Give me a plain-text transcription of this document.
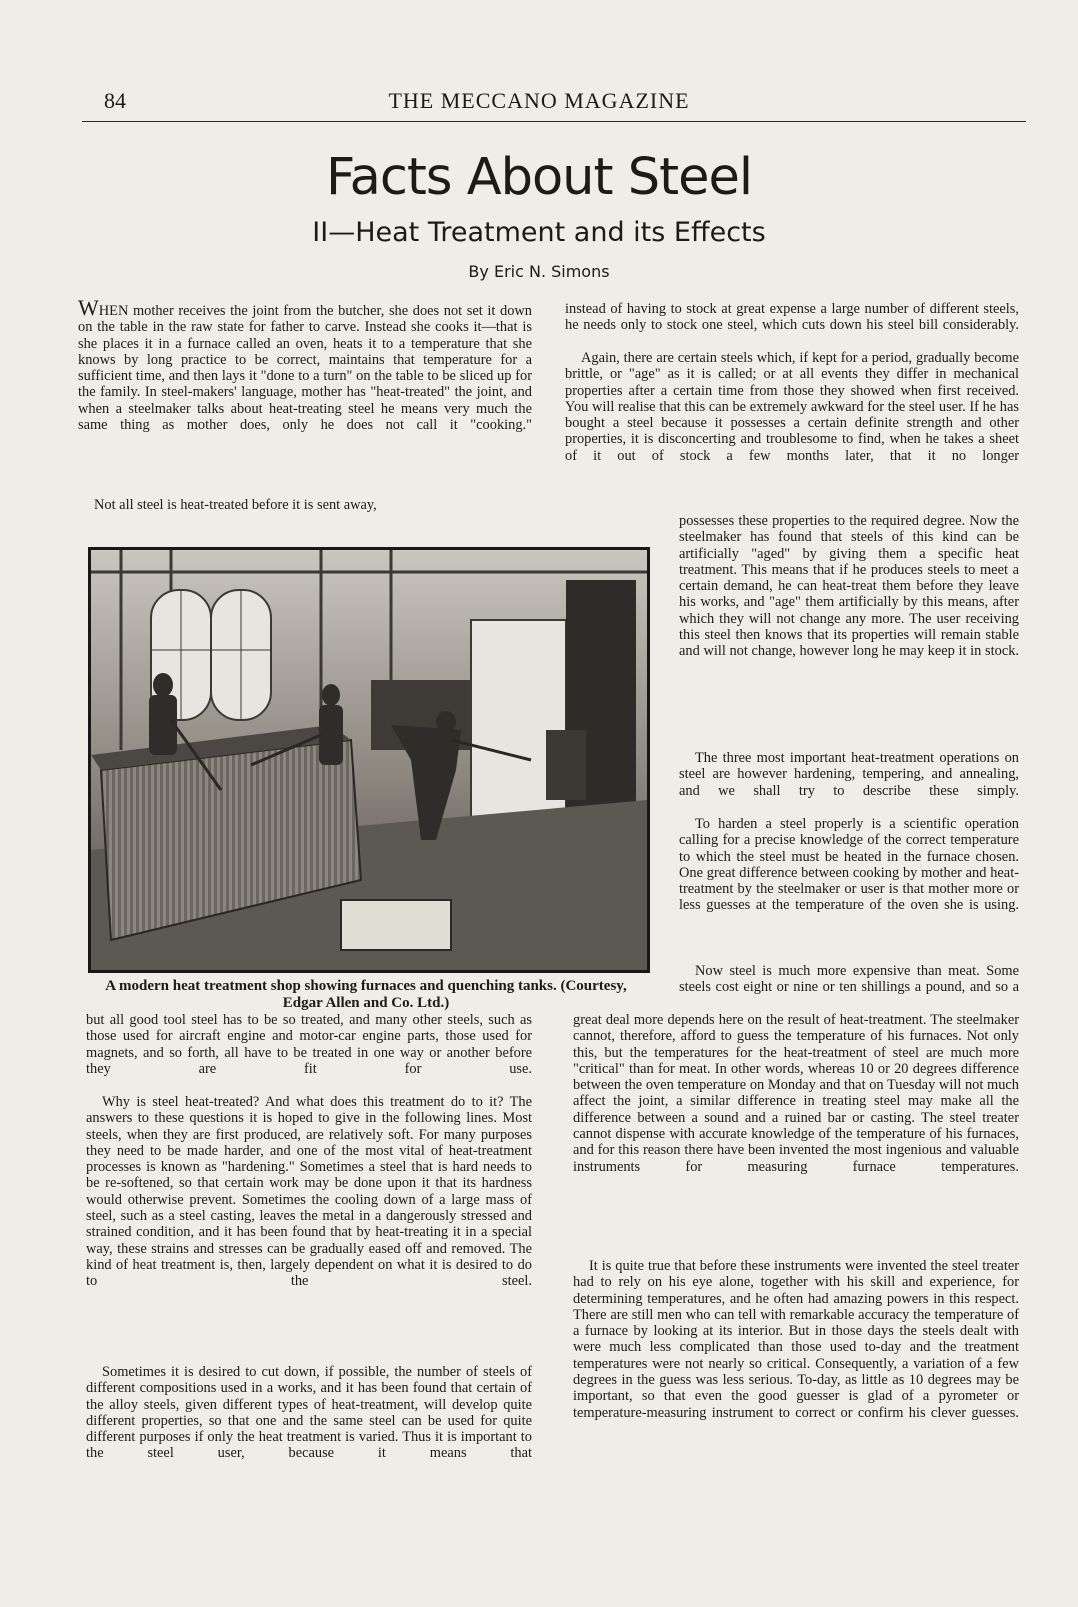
84	THE MECCANO MAGAZINE
Facts About Steel
II—Heat Treatment and its Effects
By Eric N. Simons

WHEN mother receives the joint from the butcher, she does not set it down on the table in the raw state for father to carve. Instead she cooks it—that is she places it in a furnace called an oven, heats it to a temperature that she knows by long practice to be correct, maintains that temperature for a sufficient time, and then lays it "done to a turn" on the table to be sliced up for the family. In steel-makers' language, mother has "heat-treated" the joint, and when a steelmaker talks about heat-treating steel he means very much the same thing as mother does, only he does not call it "cooking."

Not all steel is heat-treated before it is sent away,

A modern heat treatment shop showing furnaces and quenching tanks. (Courtesy, Edgar Allen and Co. Ltd.)

but all good tool steel has to be so treated, and many other steels, such as those used for aircraft engine and motor-car engine parts, those used for magnets, and so forth, all have to be treated in one way or another before they are fit for use.

Why is steel heat-treated? And what does this treatment do to it? The answers to these questions it is hoped to give in the following lines. Most steels, when they are first produced, are relatively soft. For many purposes they need to be made harder, and one of the most vital of heat-treatment processes is known as "hardening." Sometimes a steel that is hard needs to be re-softened, so that certain work may be done upon it that its hardness would otherwise prevent. Sometimes the cooling down of a large mass of steel, such as a steel casting, leaves the metal in a dangerously stressed and strained condition, and it has been found that by heat-treating it in a special way, these strains and stresses can be gradually eased off and removed. The kind of heat treatment is, then, largely dependent on what it is desired to do to the steel.

Sometimes it is desired to cut down, if possible, the number of steels of different compositions used in a works, and it has been found that certain of the alloy steels, given different types of heat-treatment, will develop quite different properties, so that one and the same steel can be used for quite different purposes if only the heat treatment is varied. Thus it is important to the steel user, because it means that

instead of having to stock at great expense a large number of different steels, he needs only to stock one steel, which cuts down his steel bill considerably.

Again, there are certain steels which, if kept for a period, gradually become brittle, or "age" as it is called; or at all events they differ in mechanical properties after a certain time from those they showed when first received. You will realise that this can be extremely awkward for the steel user. If he has bought a steel because it possesses a certain definite strength and other properties, it is disconcerting and troublesome to find, when he takes a sheet of it out of stock a few months later, that it no longer

possesses these properties to the required degree. Now the steelmaker has found that steels of this kind can be artificially "aged" by giving them a specific heat treatment. This means that if he produces steels to meet a certain demand, he can heat-treat them before they leave his works, and "age" them artificially by this means, after which they will not change any more. The user receiving this steel then knows that its properties will remain stable and will not change, however long he may keep it in stock.

The three most important heat-treatment operations on steel are however hardening, tempering, and annealing, and we shall try to describe these simply.

To harden a steel properly is a scientific operation calling for a precise knowledge of the correct temperature to which the steel must be heated in the furnace chosen. One great difference between cooking by mother and heat-treatment by the steelmaker or user is that mother more or less guesses at the temperature of the oven she is using.

Now steel is much more expensive than meat. Some steels cost eight or nine or ten shillings a pound, and so a

great deal more depends here on the result of heat-treatment. The steelmaker cannot, therefore, afford to guess the temperature of his furnaces. Not only this, but the temperatures for the heat-treatment of steel are much more "critical" than for meat. In other words, whereas 10 or 20 degrees difference between the oven temperature on Monday and that on Tuesday will not much affect the joint, a similar difference in treating steel may make all the difference between a sound and a ruined bar or casting. The steel treater cannot dispense with accurate knowledge of the temperature of his furnaces, and for this reason there have been invented the most ingenious and valuable instruments for measuring furnace temperatures.

It is quite true that before these instruments were invented the steel treater had to rely on his eye alone, together with his skill and experience, for determining temperatures, and he often had amazing powers in this respect. There are still men who can tell with remarkable accuracy the temperature of a furnace by looking at its interior. But in those days the steels dealt with were much less complicated than those used to-day and the treatment temperatures were not nearly so critical. Consequently, a variation of a few degrees in the guess was less serious. To-day, as little as 10 degrees may be important, so that even the good guesser is glad of a pyrometer or temperature-measuring instrument to correct or confirm his clever guesses.
